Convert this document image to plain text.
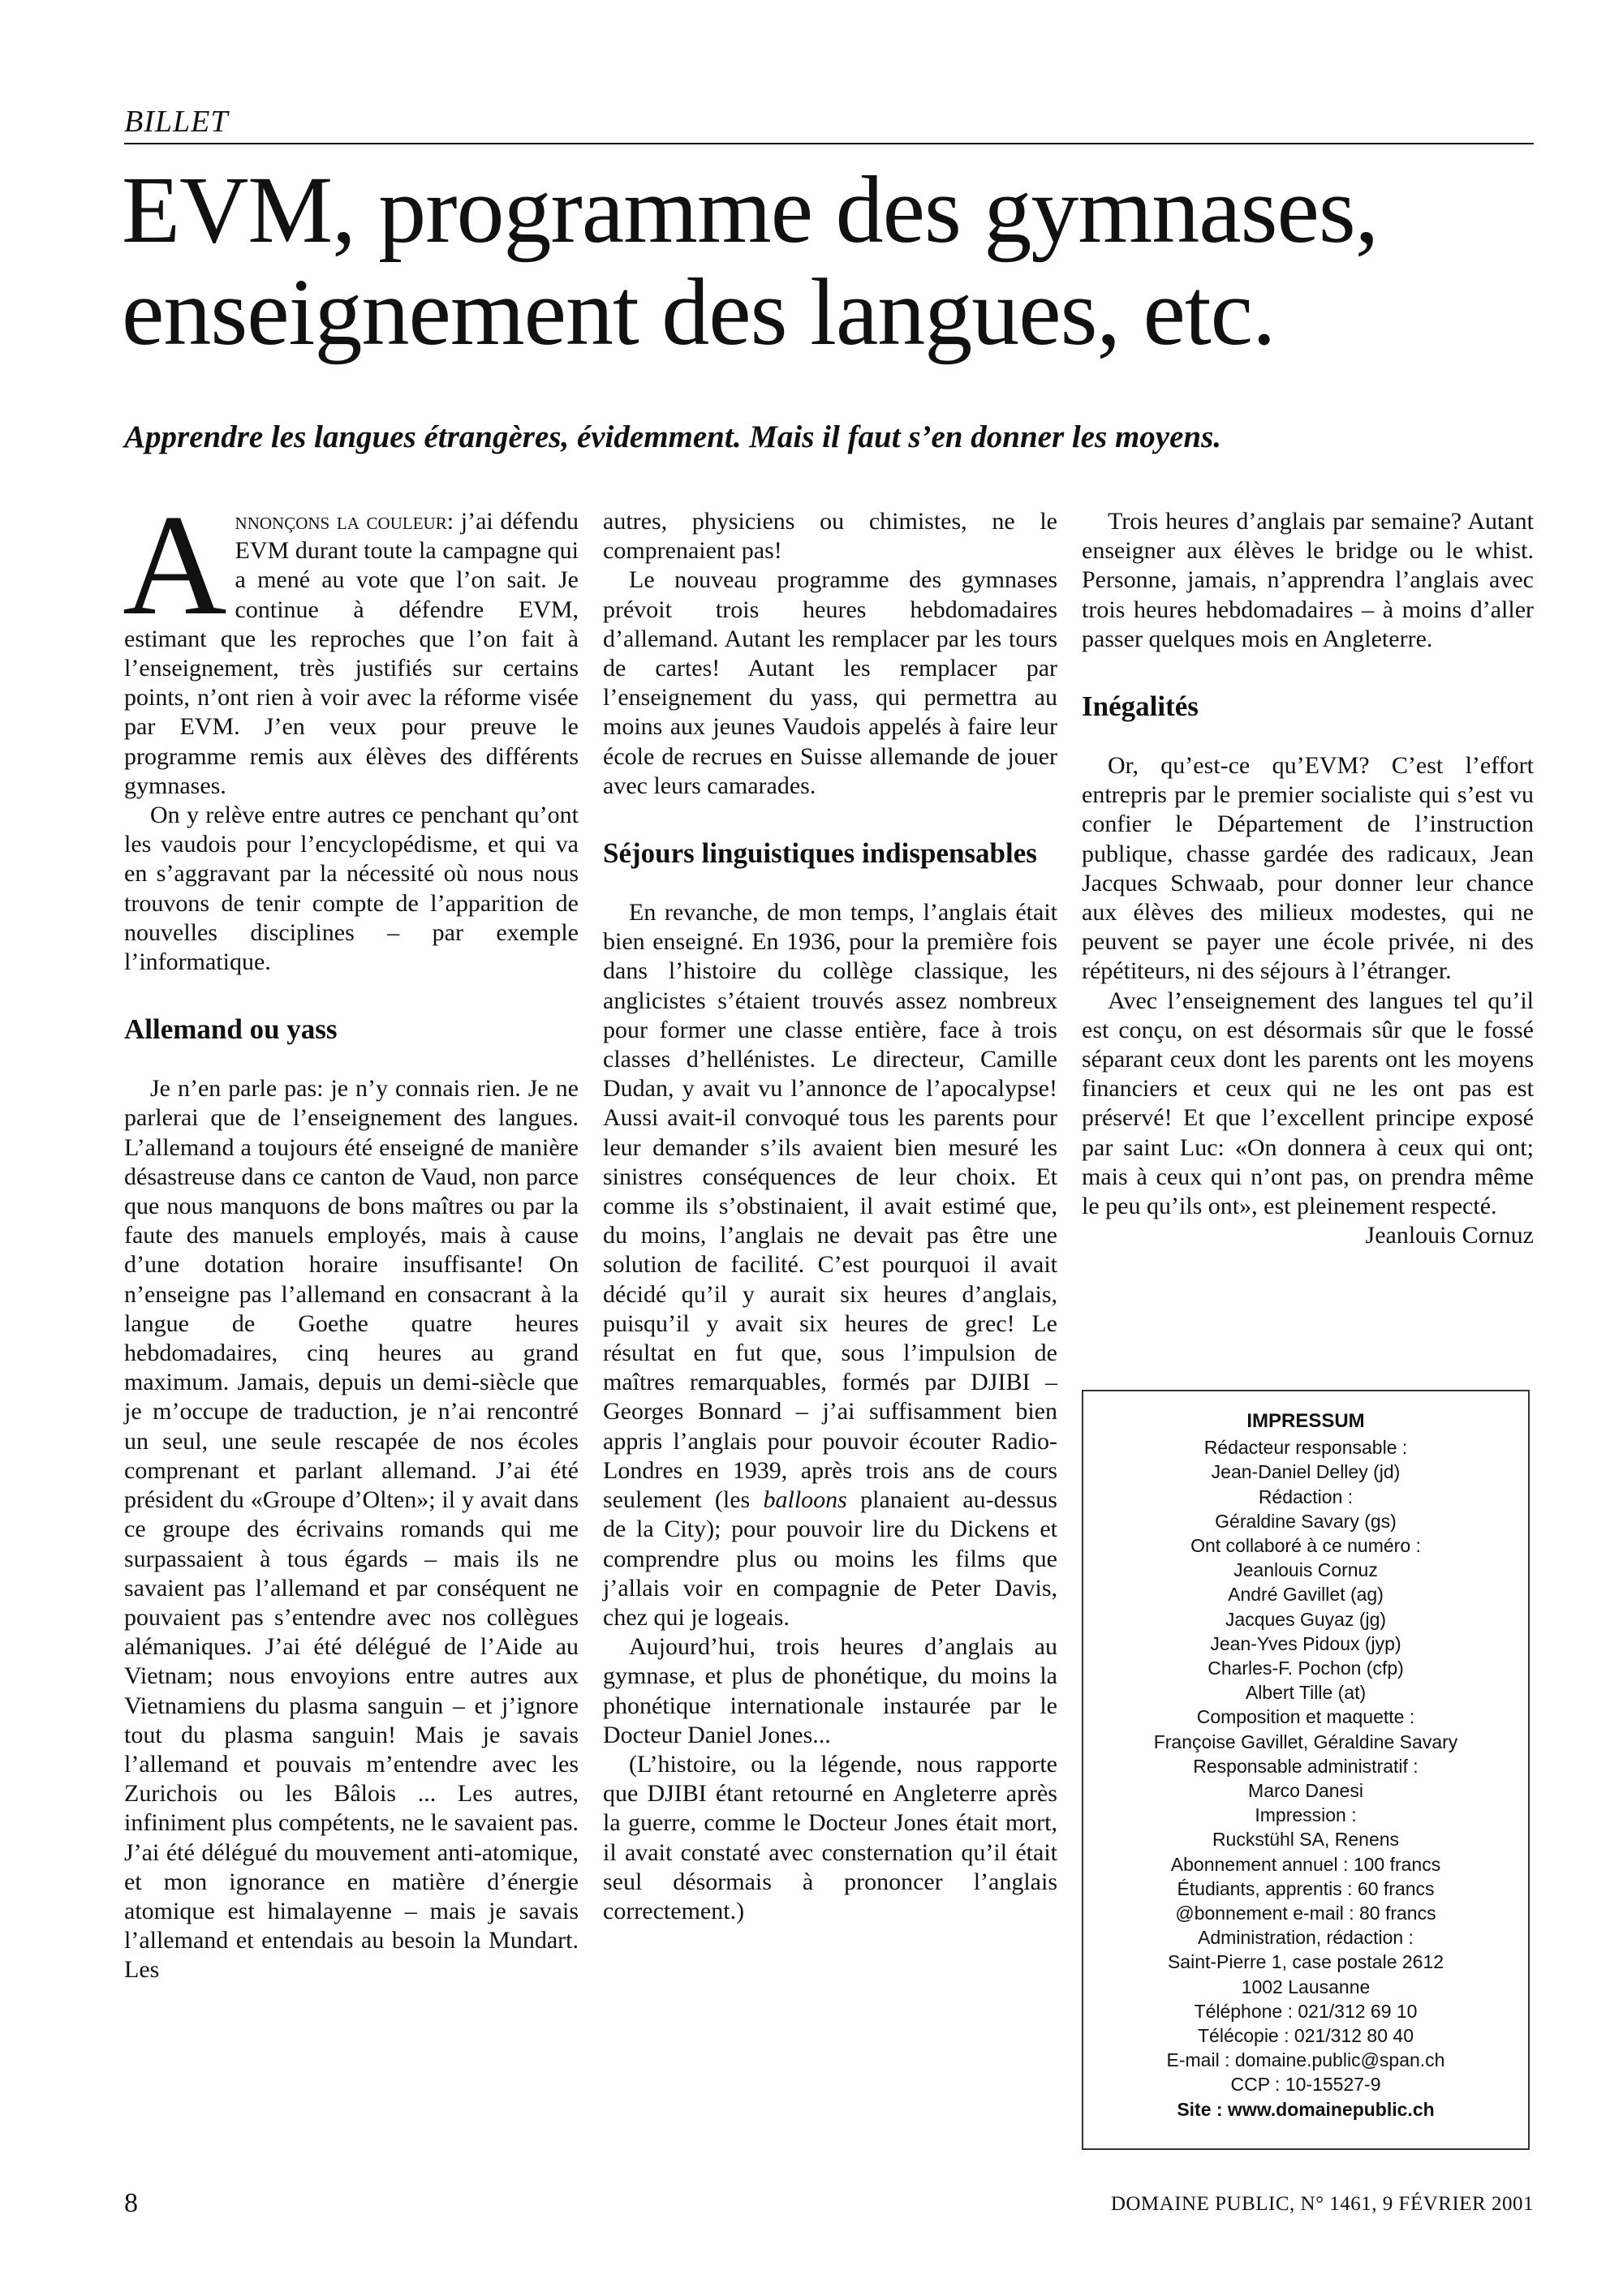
BILLET
EVM, programme des gymnases,
enseignement des langues, etc.
Apprendre les langues étrangères, évidemment. Mais il faut s’en donner les moyens.

Annonçons la couleur: j’ai défendu EVM durant toute la campagne qui a mené au vote que l’on sait. Je continue à défendre EVM, estimant que les reproches que l’on fait à l’enseignement, très justifiés sur certains points, n’ont rien à voir avec la réforme visée par EVM. J’en veux pour preuve le programme remis aux élèves des différents gymnases.

On y relève entre autres ce penchant qu’ont les vaudois pour l’encyclopédisme, et qui va en s’aggravant par la nécessité où nous nous trouvons de tenir compte de l’apparition de nouvelles disciplines – par exemple l’informatique.

Allemand ou yass

Je n’en parle pas: je n’y connais rien. Je ne parlerai que de l’enseignement des langues. L’allemand a toujours été enseigné de manière désastreuse dans ce canton de Vaud, non parce que nous manquons de bons maîtres ou par la faute des manuels employés, mais à cause d’une dotation horaire insuffisante! On n’enseigne pas l’allemand en consacrant à la langue de Goethe quatre heures hebdomadaires, cinq heures au grand maximum. Jamais, depuis un demi-siècle que je m’occupe de traduction, je n’ai rencontré un seul, une seule rescapée de nos écoles comprenant et parlant allemand. J’ai été président du «Groupe d’Olten»; il y avait dans ce groupe des écrivains romands qui me surpassaient à tous égards – mais ils ne savaient pas l’allemand et par conséquent ne pouvaient pas s’entendre avec nos collègues alémaniques. J’ai été délégué de l’Aide au Vietnam; nous envoyions entre autres aux Vietnamiens du plasma sanguin – et j’ignore tout du plasma sanguin! Mais je savais l’allemand et pouvais m’entendre avec les Zurichois ou les Bâlois ... Les autres, infiniment plus compétents, ne le savaient pas. J’ai été délégué du mouvement anti-atomique, et mon ignorance en matière d’énergie atomique est himalayenne – mais je savais l’allemand et entendais au besoin la Mundart. Les

autres, physiciens ou chimistes, ne le comprenaient pas!

Le nouveau programme des gymnases prévoit trois heures hebdomadaires d’allemand. Autant les remplacer par les tours de cartes! Autant les remplacer par l’enseignement du yass, qui permettra au moins aux jeunes Vaudois appelés à faire leur école de recrues en Suisse allemande de jouer avec leurs camarades.

Séjours linguistiques indispensables

En revanche, de mon temps, l’anglais était bien enseigné. En 1936, pour la première fois dans l’histoire du collège classique, les anglicistes s’étaient trouvés assez nombreux pour former une classe entière, face à trois classes d’hellénistes. Le directeur, Camille Dudan, y avait vu l’annonce de l’apocalypse! Aussi avait-il convoqué tous les parents pour leur demander s’ils avaient bien mesuré les sinistres conséquences de leur choix. Et comme ils s’obstinaient, il avait estimé que, du moins, l’anglais ne devait pas être une solution de facilité. C’est pourquoi il avait décidé qu’il y aurait six heures d’anglais, puisqu’il y avait six heures de grec! Le résultat en fut que, sous l’impulsion de maîtres remarquables, formés par DJIBI – Georges Bonnard – j’ai suffisamment bien appris l’anglais pour pouvoir écouter Radio-Londres en 1939, après trois ans de cours seulement (les balloons planaient au-dessus de la City); pour pouvoir lire du Dickens et comprendre plus ou moins les films que j’allais voir en compagnie de Peter Davis, chez qui je logeais.

Aujourd’hui, trois heures d’anglais au gymnase, et plus de phonétique, du moins la phonétique internationale instaurée par le Docteur Daniel Jones...

(L’histoire, ou la légende, nous rapporte que DJIBI étant retourné en Angleterre après la guerre, comme le Docteur Jones était mort, il avait constaté avec consternation qu’il était seul désormais à prononcer l’anglais correctement.)

Trois heures d’anglais par semaine? Autant enseigner aux élèves le bridge ou le whist. Personne, jamais, n’apprendra l’anglais avec trois heures hebdomadaires – à moins d’aller passer quelques mois en Angleterre.

Inégalités

Or, qu’est-ce qu’EVM? C’est l’effort entrepris par le premier socialiste qui s’est vu confier le Département de l’instruction publique, chasse gardée des radicaux, Jean Jacques Schwaab, pour donner leur chance aux élèves des milieux modestes, qui ne peuvent se payer une école privée, ni des répétiteurs, ni des séjours à l’étranger.

Avec l’enseignement des langues tel qu’il est conçu, on est désormais sûr que le fossé séparant ceux dont les parents ont les moyens financiers et ceux qui ne les ont pas est préservé! Et que l’excellent principe exposé par saint Luc: «On donnera à ceux qui ont; mais à ceux qui n’ont pas, on prendra même le peu qu’ils ont», est pleinement respecté.

Jeanlouis Cornuz

IMPRESSUM
Rédacteur responsable :
Jean-Daniel Delley (jd)
Rédaction :
Géraldine Savary (gs)
Ont collaboré à ce numéro :
Jeanlouis Cornuz
André Gavillet (ag)
Jacques Guyaz (jg)
Jean-Yves Pidoux (jyp)
Charles-F. Pochon (cfp)
Albert Tille (at)
Composition et maquette :
Françoise Gavillet, Géraldine Savary
Responsable administratif :
Marco Danesi
Impression :
Ruckstühl SA, Renens
Abonnement annuel : 100 francs
Étudiants, apprentis : 60 francs
@bonnement e-mail : 80 francs
Administration, rédaction :
Saint-Pierre 1, case postale 2612
1002 Lausanne
Téléphone : 021/312 69 10
Télécopie : 021/312 80 40
E-mail : domaine.public@span.ch
CCP : 10-15527-9
Site : www.domainepublic.ch
8	DOMAINE PUBLIC, N° 1461, 9 FÉVRIER 2001
